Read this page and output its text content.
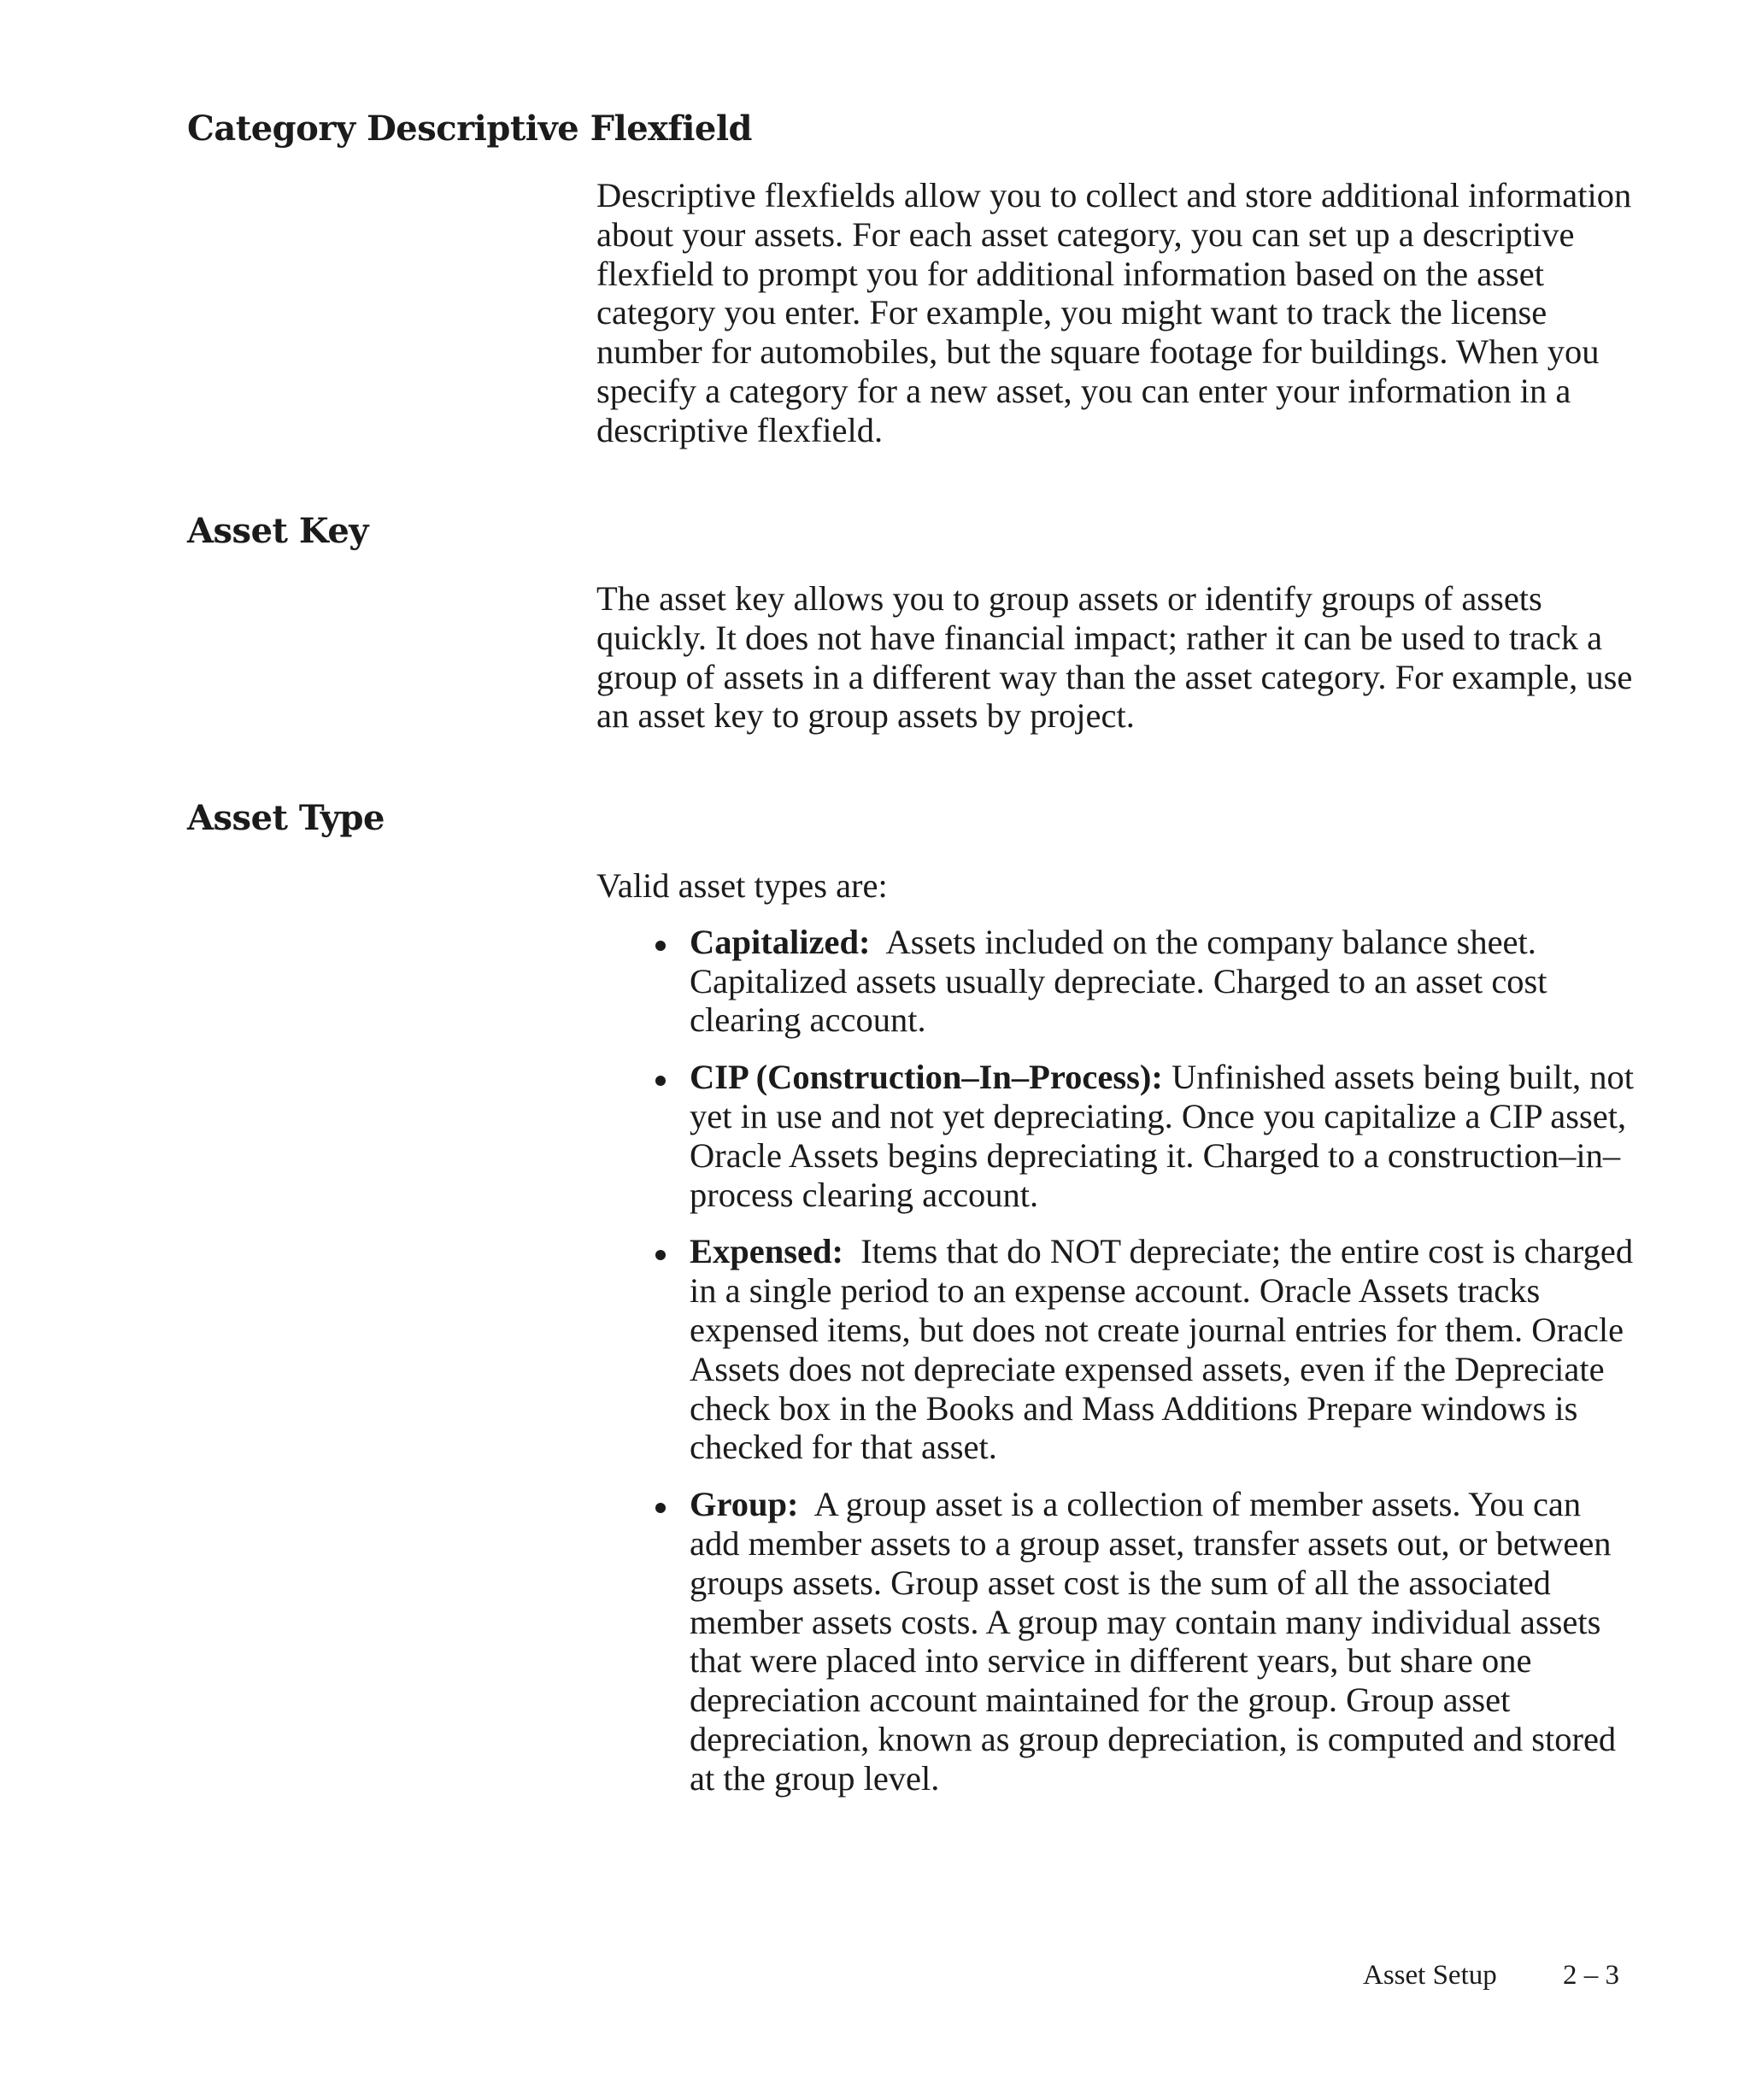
Category Descriptive Flexfield

Descriptive flexfields allow you to collect and store additional information about your assets. For each asset category, you can set up a descriptive flexfield to prompt you for additional information based on the asset category you enter. For example, you might want to track the license number for automobiles, but the square footage for buildings. When you specify a category for a new asset, you can enter your information in a descriptive flexfield.

Asset Key

The asset key allows you to group assets or identify groups of assets quickly. It does not have financial impact; rather it can be used to track a group of assets in a different way than the asset category. For example, use an asset key to group assets by project.

Asset Type

Valid asset types are:

Capitalized: Assets included on the company balance sheet. Capitalized assets usually depreciate. Charged to an asset cost clearing account.
CIP (Construction–In–Process): Unfinished assets being built, not yet in use and not yet depreciating. Once you capitalize a CIP asset, Oracle Assets begins depreciating it. Charged to a construction–in–process clearing account.
Expensed: Items that do NOT depreciate; the entire cost is charged in a single period to an expense account. Oracle Assets tracks expensed items, but does not create journal entries for them. Oracle Assets does not depreciate expensed assets, even if the Depreciate check box in the Books and Mass Additions Prepare windows is checked for that asset.
Group: A group asset is a collection of member assets. You can add member assets to a group asset, transfer assets out, or between groups assets. Group asset cost is the sum of all the associated member assets costs. A group may contain many individual assets that were placed into service in different years, but share one depreciation account maintained for the group. Group asset depreciation, known as group depreciation, is computed and stored at the group level.
Asset Setup 2 – 3
